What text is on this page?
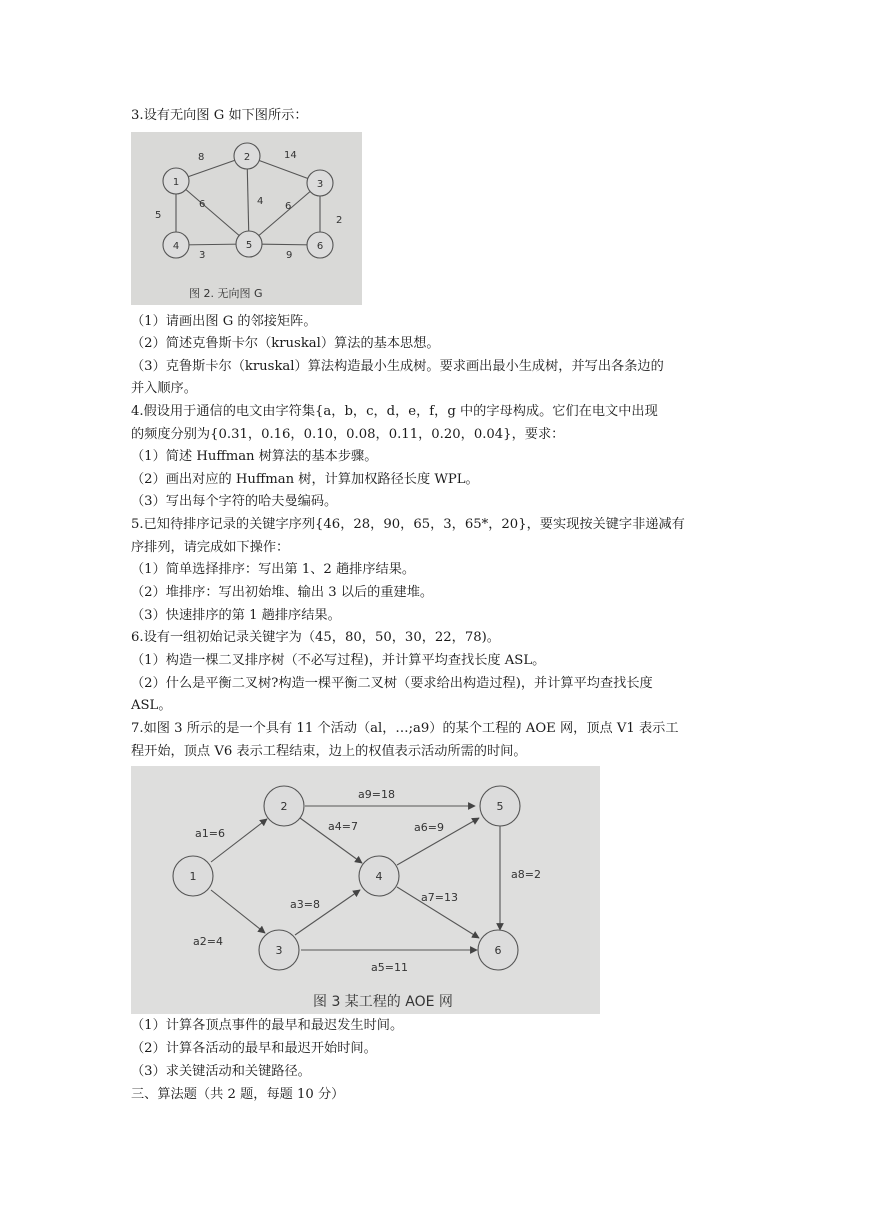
3.设有无向图 G 如下图所示：
8	14
6	4 6
5	2
3	9
1
2
3
4	5	6
图 2. 无向图 G
（1）请画出图 G 的邻接矩阵。
（2）简述克鲁斯卡尔（kruskal）算法的基本思想。
（3）克鲁斯卡尔（kruskal）算法构造最小生成树。要求画出最小生成树，并写出各条边的
并入顺序。
4.假设用于通信的电文由字符集{a，b，c，d，e，f，g 中的字母构成。它们在电文中出现
的频度分别为{0.31，0.16，0.10，0.08，0.11，0.20，0.04}，要求：
（1）简述 Huffman 树算法的基本步骤。
（2）画出对应的 Huffman 树，计算加权路径长度 WPL。
（3）写出每个字符的哈夫曼编码。
5.已知待排序记录的关键字序列{46，28，90，65，3，65*，20}，要实现按关键字非递减有
序排列，请完成如下操作：
（1）简单选择排序：写出第 1、2 趟排序结果。
（2）堆排序：写出初始堆、输出 3 以后的重建堆。
（3）快速排序的第 1 趟排序结果。
6.设有一组初始记录关键字为（45，80，50，30，22，78)。
（1）构造一棵二叉排序树（不必写过程)，并计算平均查找长度 ASL。
（2）什么是平衡二叉树?构造一棵平衡二叉树（要求给出构造过程)，并计算平均查找长度
ASL。
7.如图 3 所示的是一个具有 11 个活动（al，…;a9）的某个工程的 AOE 网，顶点 V1 表示工
程开始，顶点 V6 表示工程结束，边上的权值表示活动所需的时间。
a1=6
a2=4
a3=8
a4=7
a5=11
a6=9
a7=13
a8=2
a9=18
1
2
3
4
5
6
图 3 某工程的 AOE 网
（1）计算各顶点事件的最早和最迟发生时间。
（2）计算各活动的最早和最迟开始时间。
（3）求关键活动和关键路径。
三、算法题（共 2 题，每题 10 分）
